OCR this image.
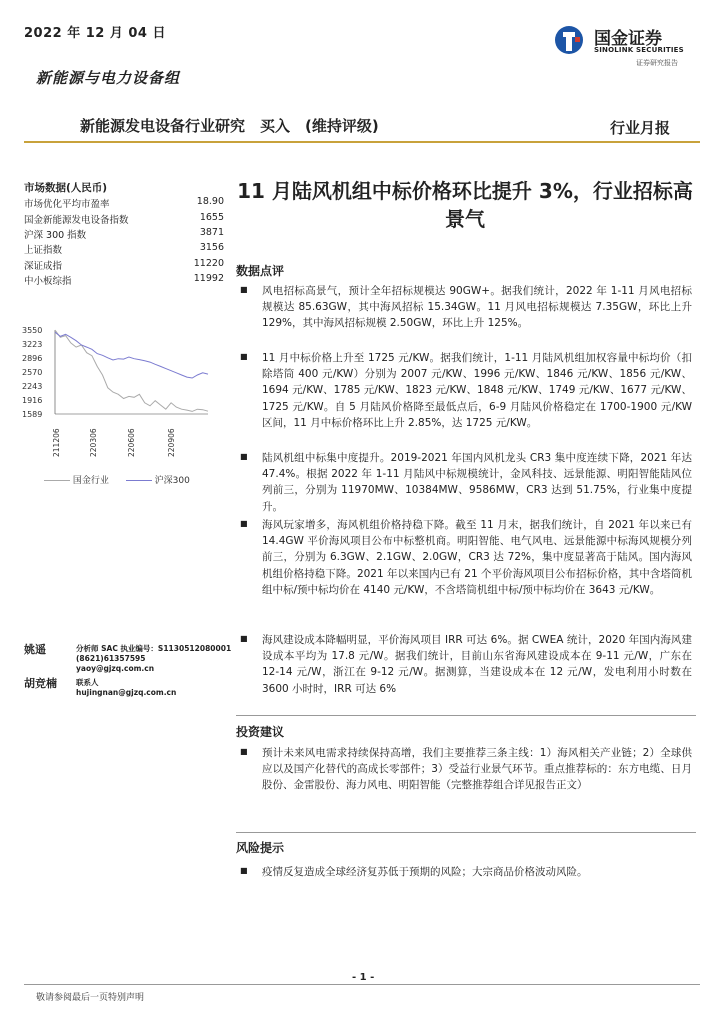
2022 年 12 月 04 日	国金证券
SINOLINK SECURITIES
证券研究报告
新能源与电力设备组
新能源发电设备行业研究　买入　(维持评级)	行业月报
市场数据(人民币)
市场优化平均市盈率	18.90
国金新能源发电设备指数	1655
沪深 300 指数	3871
上证指数	3156
深证成指	11220
中小板综指	11992
3550
3223
2896
2570
2243
1916
1589
211206	220306	220606	220906
国金行业	沪深300
姚遥	分析师 SAC 执业编号：S1130512080001
(8621)61357595
yaoy@gjzq.com.cn
胡竞楠	联系人
hujingnan@gjzq.com.cn
11 月陆风机组中标价格环比提升 3%，行业招标高景气
数据点评
■ 风电招标高景气，预计全年招标规模达 90GW+。据我们统计，2022 年 1-11 月风电招标规模达 85.63GW，其中海风招标 15.34GW。11 月风电招标规模达 7.35GW，环比上升 129%，其中海风招标规模 2.50GW，环比上升 125%。
■ 11 月中标价格上升至 1725 元/KW。据我们统计，1-11 月陆风机组加权容量中标均价（扣除塔筒 400 元/KW）分别为 2007 元/KW、1996 元/KW、1846 元/KW、1856 元/KW、1694 元/KW、1785 元/KW、1823 元/KW、1848 元/KW、1749 元/KW、1677 元/KW、1725 元/KW。自 5 月陆风价格降至最低点后，6-9 月陆风价格稳定在 1700-1900 元/KW 区间，11 月中标价格环比上升 2.85%，达 1725 元/KW。
■ 陆风机组中标集中度提升。2019-2021 年国内风机龙头 CR3 集中度连续下降，2021 年达 47.4%。根据 2022 年 1-11 月陆风中标规模统计，金风科技、远景能源、明阳智能陆风位列前三，分别为 11970MW、10384MW、9586MW，CR3 达到 51.75%，行业集中度提升。
■ 海风玩家增多，海风机组价格持稳下降。截至 11 月末，据我们统计，自 2021 年以来已有 14.4GW 平价海风项目公布中标整机商。明阳智能、电气风电、远景能源中标海风规模分列前三，分别为 6.3GW、2.1GW、2.0GW，CR3 达 72%，集中度显著高于陆风。国内海风机组价格持稳下降。2021 年以来国内已有 21 个平价海风项目公布招标价格，其中含塔筒机组中标/预中标均价在 4140 元/KW，不含塔筒机组中标/预中标均价在 3643 元/KW。
■ 海风建设成本降幅明显，平价海风项目 IRR 可达 6%。据 CWEA 统计，2020 年国内海风建设成本平均为 17.8 元/W。据我们统计，目前山东省海风建设成本在 9-11 元/W，广东在 12-14 元/W，浙江在 9-12 元/W。据测算，当建设成本在 12 元/W，发电利用小时数在 3600 小时时，IRR 可达 6%
投资建议
■ 预计未来风电需求持续保持高增，我们主要推荐三条主线：1）海风相关产业链；2）全球供应以及国产化替代的高成长零部件；3）受益行业景气环节。重点推荐标的：东方电缆、日月股份、金雷股份、海力风电、明阳智能（完整推荐组合详见报告正文）
风险提示
■ 疫情反复造成全球经济复苏低于预期的风险；大宗商品价格波动风险。
- 1 -
敬请参阅最后一页特别声明
